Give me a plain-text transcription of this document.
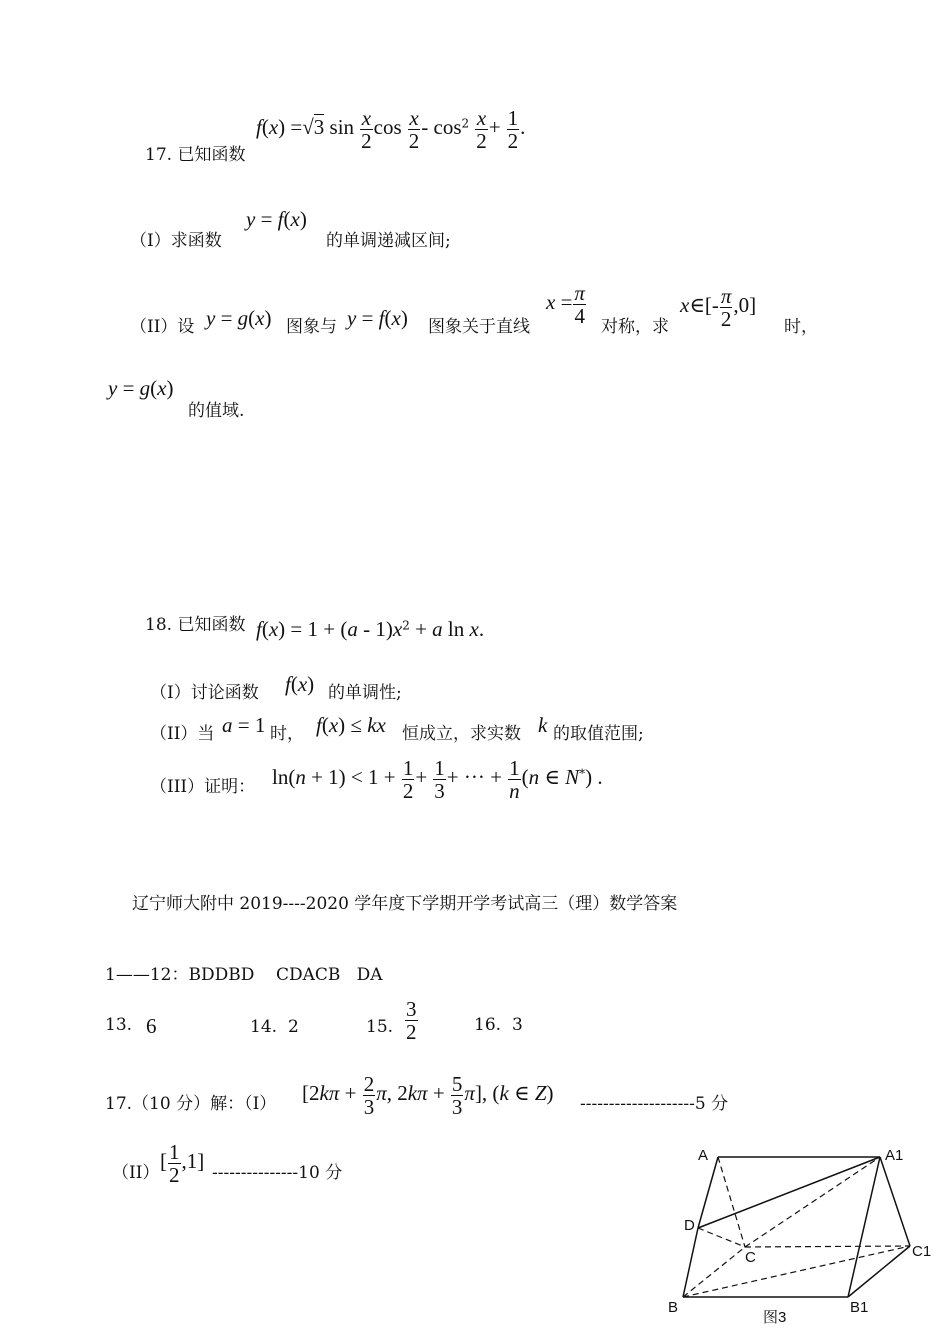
17. 已知函数
f(x) =√3 $\sin \frac{x}{2}$ $\cos \frac{x}{2} - \cos^2 \frac{x}{2} + \frac{1}{2}$ .
（Ⅰ）求函数
y = f(x)
的单调递减区间;
（II）设 y = g(x) 图象与 y = f(x) 图象关于直线
$x = \frac{\pi}{4}$ 对称，求
x∈[- $\frac{\pi}{2} ,0$]
时，
y = g(x)
的值域.
18. 已知函数 $f(x) = 1 + (a - 1)x^2 + a$ ln x.
（Ⅰ）讨论函数 f(x) 的单调性;
（II）当 a = 1 时， f(x) ≤ kx 恒成立，求实数 k 的取值范围;
（III）证明： $\ln(n + 1) < 1 + \frac{1}{2} + \frac{1}{3}$ + ··· + $\frac{1}{n} (n$ ∈ N*) .
辽宁师大附中 2019----2020 学年度下学期开学考试高三（理）数学答案
1——12：BDDBD    CDACB   DA
13. 6	14. 2	15. $\frac{3}{2}$	16. 3
17.（10 分）解：（I） [$2k\pi + \frac{2}{3} \pi$, $2k\pi + \frac{5}{3} \pi$], (k ∈ Z) --------------------5 分
（II） [ $\frac{1}{2} ,1$] ---------------10 分
A	A1
D
C	C1
B	B1
图3
